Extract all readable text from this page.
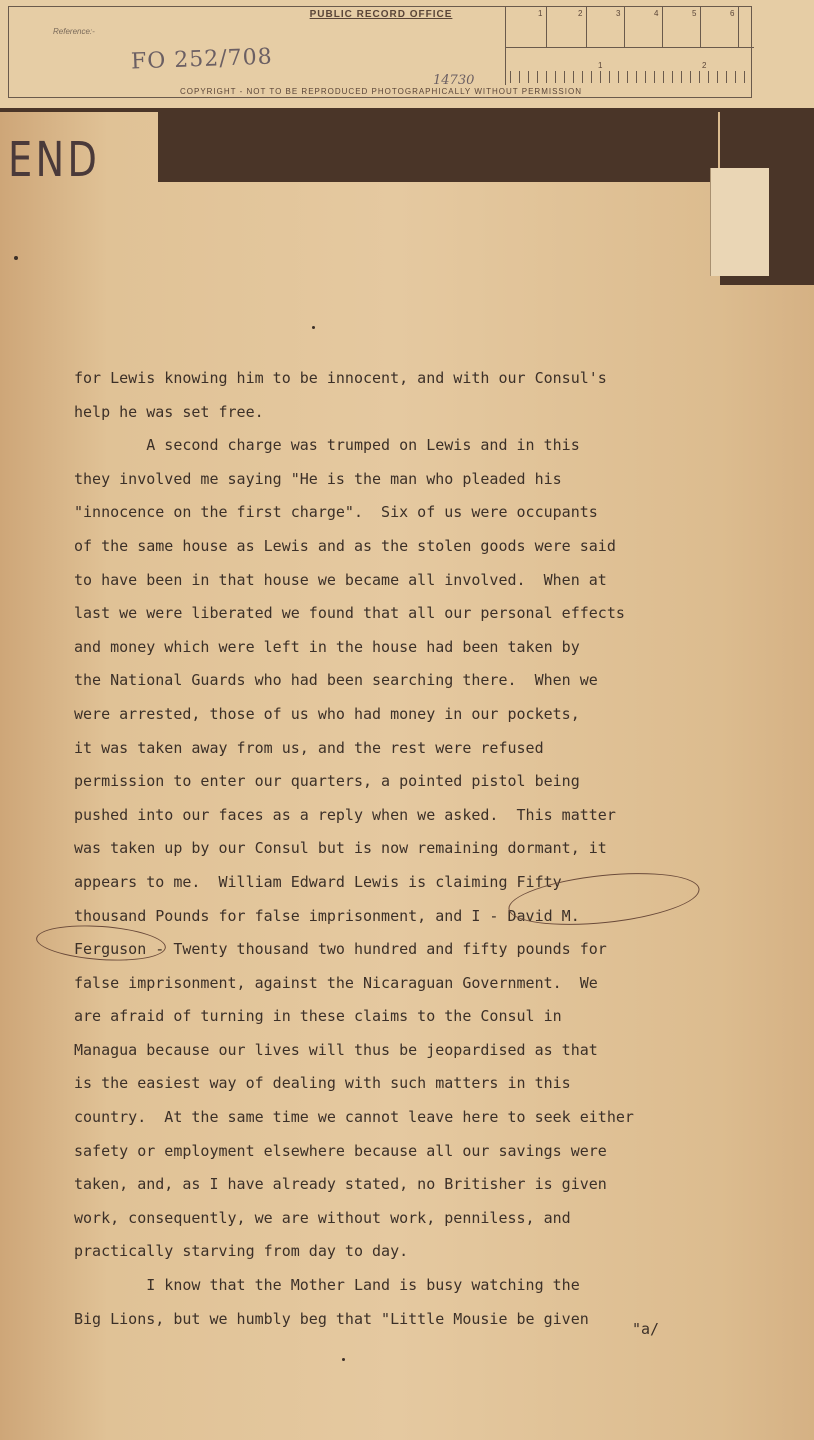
PUBLIC RECORD OFFICE
Reference:-
FO 252/708
14730
COPYRIGHT - NOT TO BE REPRODUCED PHOTOGRAPHICALLY WITHOUT PERMISSION
1	2	3	4	5	6
1	2
END
for Lewis knowing him to be innocent, and with our Consul's
help he was set free.
A second charge was trumped on Lewis and in this
they involved me saying "He is the man who pleaded his
"innocence on the first charge".  Six of us were occupants
of the same house as Lewis and as the stolen goods were said
to have been in that house we became all involved.  When at
last we were liberated we found that all our personal effects
and money which were left in the house had been taken by
the National Guards who had been searching there.  When we
were arrested, those of us who had money in our pockets,
it was taken away from us, and the rest were refused
permission to enter our quarters, a pointed pistol being
pushed into our faces as a reply when we asked.  This matter
was taken up by our Consul but is now remaining dormant, it
appears to me.  William Edward Lewis is claiming Fifty
thousand Pounds for false imprisonment, and I - David M.
Ferguson - Twenty thousand two hundred and fifty pounds for
false imprisonment, against the Nicaraguan Government.  We
are afraid of turning in these claims to the Consul in
Managua because our lives will thus be jeopardised as that
is the easiest way of dealing with such matters in this
country.  At the same time we cannot leave here to seek either
safety or employment elsewhere because all our savings were
taken, and, as I have already stated, no Britisher is given
work, consequently, we are without work, penniless, and
practically starving from day to day.
I know that the Mother Land is busy watching the
Big Lions, but we humbly beg that "Little Mousie be given
"a/
